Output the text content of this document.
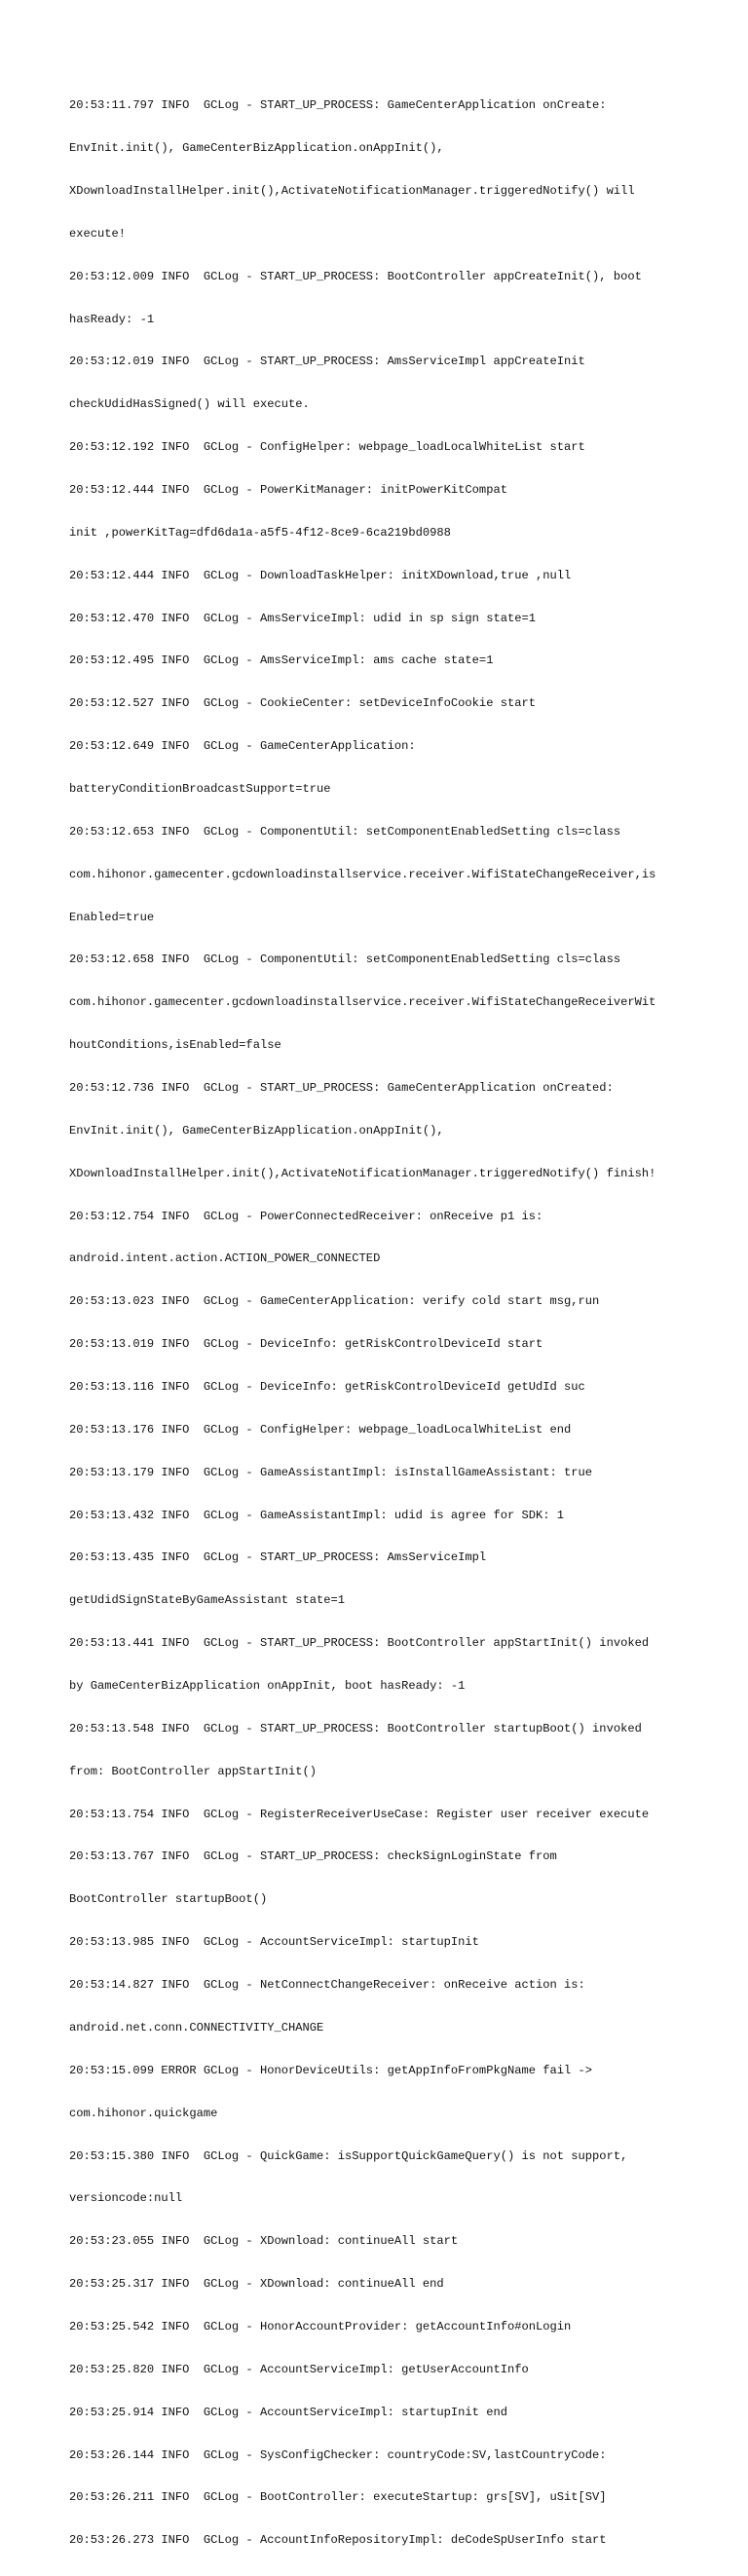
20:53:11.797 INFO  GCLog - START_UP_PROCESS: GameCenterApplication onCreate:

EnvInit.init(), GameCenterBizApplication.onAppInit(),

XDownloadInstallHelper.init(),ActivateNotificationManager.triggeredNotify() will

execute!

20:53:12.009 INFO  GCLog - START_UP_PROCESS: BootController appCreateInit(), boot

hasReady: -1

20:53:12.019 INFO  GCLog - START_UP_PROCESS: AmsServiceImpl appCreateInit

checkUdidHasSigned() will execute.

20:53:12.192 INFO  GCLog - ConfigHelper: webpage_loadLocalWhiteList start

20:53:12.444 INFO  GCLog - PowerKitManager: initPowerKitCompat

init ,powerKitTag=dfd6da1a-a5f5-4f12-8ce9-6ca219bd0988

20:53:12.444 INFO  GCLog - DownloadTaskHelper: initXDownload,true ,null

20:53:12.470 INFO  GCLog - AmsServiceImpl: udid in sp sign state=1

20:53:12.495 INFO  GCLog - AmsServiceImpl: ams cache state=1

20:53:12.527 INFO  GCLog - CookieCenter: setDeviceInfoCookie start

20:53:12.649 INFO  GCLog - GameCenterApplication:

batteryConditionBroadcastSupport=true

20:53:12.653 INFO  GCLog - ComponentUtil: setComponentEnabledSetting cls=class

com.hihonor.gamecenter.gcdownloadinstallservice.receiver.WifiStateChangeReceiver,is

Enabled=true

20:53:12.658 INFO  GCLog - ComponentUtil: setComponentEnabledSetting cls=class

com.hihonor.gamecenter.gcdownloadinstallservice.receiver.WifiStateChangeReceiverWit

houtConditions,isEnabled=false

20:53:12.736 INFO  GCLog - START_UP_PROCESS: GameCenterApplication onCreated:

EnvInit.init(), GameCenterBizApplication.onAppInit(),

XDownloadInstallHelper.init(),ActivateNotificationManager.triggeredNotify() finish!

20:53:12.754 INFO  GCLog - PowerConnectedReceiver: onReceive p1 is:

android.intent.action.ACTION_POWER_CONNECTED

20:53:13.023 INFO  GCLog - GameCenterApplication: verify cold start msg,run

20:53:13.019 INFO  GCLog - DeviceInfo: getRiskControlDeviceId start

20:53:13.116 INFO  GCLog - DeviceInfo: getRiskControlDeviceId getUdId suc

20:53:13.176 INFO  GCLog - ConfigHelper: webpage_loadLocalWhiteList end

20:53:13.179 INFO  GCLog - GameAssistantImpl: isInstallGameAssistant: true

20:53:13.432 INFO  GCLog - GameAssistantImpl: udid is agree for SDK: 1

20:53:13.435 INFO  GCLog - START_UP_PROCESS: AmsServiceImpl

getUdidSignStateByGameAssistant state=1

20:53:13.441 INFO  GCLog - START_UP_PROCESS: BootController appStartInit() invoked

by GameCenterBizApplication onAppInit, boot hasReady: -1

20:53:13.548 INFO  GCLog - START_UP_PROCESS: BootController startupBoot() invoked

from: BootController appStartInit()

20:53:13.754 INFO  GCLog - RegisterReceiverUseCase: Register user receiver execute

20:53:13.767 INFO  GCLog - START_UP_PROCESS: checkSignLoginState from

BootController startupBoot()

20:53:13.985 INFO  GCLog - AccountServiceImpl: startupInit

20:53:14.827 INFO  GCLog - NetConnectChangeReceiver: onReceive action is:

android.net.conn.CONNECTIVITY_CHANGE

20:53:15.099 ERROR GCLog - HonorDeviceUtils: getAppInfoFromPkgName fail ->

com.hihonor.quickgame

20:53:15.380 INFO  GCLog - QuickGame: isSupportQuickGameQuery() is not support,

versioncode:null

20:53:23.055 INFO  GCLog - XDownload: continueAll start

20:53:25.317 INFO  GCLog - XDownload: continueAll end

20:53:25.542 INFO  GCLog - HonorAccountProvider: getAccountInfo#onLogin

20:53:25.820 INFO  GCLog - AccountServiceImpl: getUserAccountInfo

20:53:25.914 INFO  GCLog - AccountServiceImpl: startupInit end

20:53:26.144 INFO  GCLog - SysConfigChecker: countryCode:SV,lastCountryCode:

20:53:26.211 INFO  GCLog - BootController: executeStartup: grs[SV], uSit[SV]

20:53:26.273 INFO  GCLog - AccountInfoRepositoryImpl: deCodeSpUserInfo start
